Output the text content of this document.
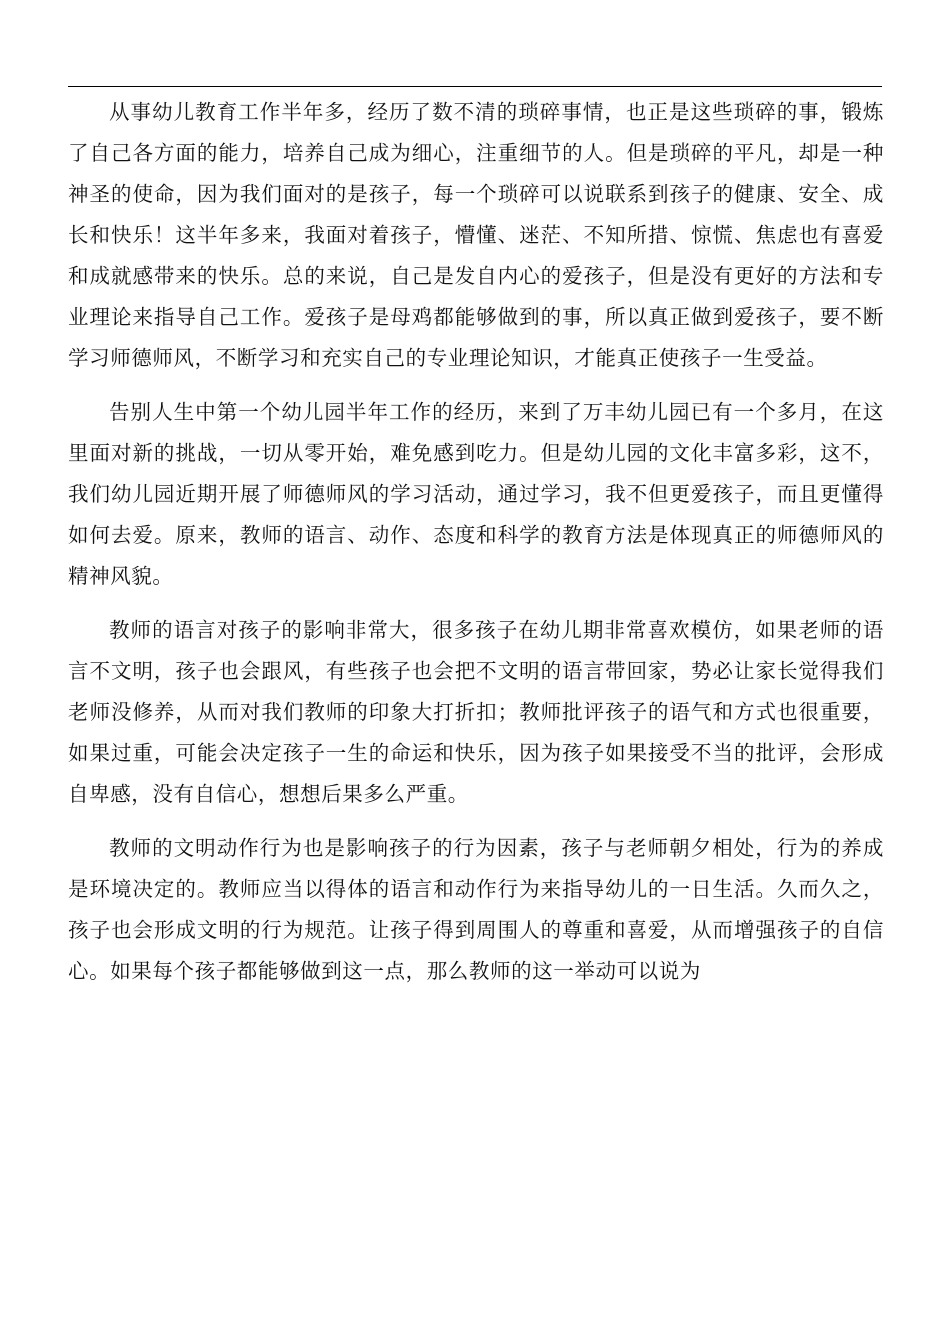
从事幼儿教育工作半年多，经历了数不清的琐碎事情，也正是这些琐碎的事，锻炼了自己各方面的能力，培养自己成为细心，注重细节的人。但是琐碎的平凡，却是一种神圣的使命，因为我们面对的是孩子，每一个琐碎可以说联系到孩子的健康、安全、成长和快乐！这半年多来，我面对着孩子，懵懂、迷茫、不知所措、惊慌、焦虑也有喜爱和成就感带来的快乐。总的来说，自己是发自内心的爱孩子，但是没有更好的方法和专业理论来指导自己工作。爱孩子是母鸡都能够做到的事，所以真正做到爱孩子，要不断学习师德师风，不断学习和充实自己的专业理论知识，才能真正使孩子一生受益。

告别人生中第一个幼儿园半年工作的经历，来到了万丰幼儿园已有一个多月，在这里面对新的挑战，一切从零开始，难免感到吃力。但是幼儿园的文化丰富多彩，这不，我们幼儿园近期开展了师德师风的学习活动，通过学习，我不但更爱孩子，而且更懂得如何去爱。原来，教师的语言、动作、态度和科学的教育方法是体现真正的师德师风的精神风貌。

教师的语言对孩子的影响非常大，很多孩子在幼儿期非常喜欢模仿，如果老师的语言不文明，孩子也会跟风，有些孩子也会把不文明的语言带回家，势必让家长觉得我们老师没修养，从而对我们教师的印象大打折扣；教师批评孩子的语气和方式也很重要，如果过重，可能会决定孩子一生的命运和快乐，因为孩子如果接受不当的批评，会形成自卑感，没有自信心，想想后果多么严重。

教师的文明动作行为也是影响孩子的行为因素，孩子与老师朝夕相处，行为的养成是环境决定的。教师应当以得体的语言和动作行为来指导幼儿的一日生活。久而久之，孩子也会形成文明的行为规范。让孩子得到周围人的尊重和喜爱，从而增强孩子的自信心。如果每个孩子都能够做到这一点，那么教师的这一举动可以说为
